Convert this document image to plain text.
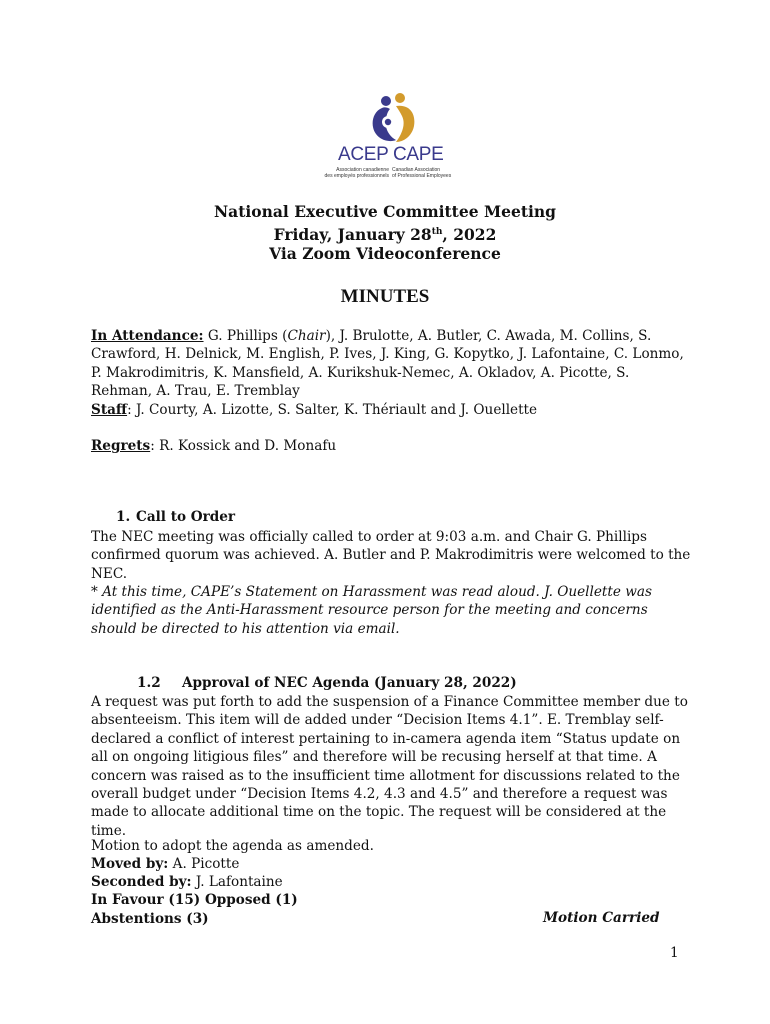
ACEP CAPE
Association canadienne
des employés professionnels
Canadian Association
of Professional Employees
National Executive Committee Meeting
Friday, January 28th, 2022
Via Zoom Videoconference
MINUTES
In Attendance: G. Phillips (Chair), J. Brulotte, A. Butler, C. Awada, M. Collins, S. Crawford, H. Delnick, M. English, P. Ives, J. King, G. Kopytko, J. Lafontaine, C. Lonmo, P. Makrodimitris, K. Mansfield, A. Kurikshuk-Nemec, A. Okladov, A. Picotte, S. Rehman, A. Trau, E. Tremblay
Staff: J. Courty, A. Lizotte, S. Salter, K. Thériault and J. Ouellette
Regrets: R. Kossick and D. Monafu
1. Call to Order
The NEC meeting was officially called to order at 9:03 a.m. and Chair G. Phillips confirmed quorum was achieved. A. Butler and P. Makrodimitris were welcomed to the NEC.
* At this time, CAPE’s Statement on Harassment was read aloud. J. Ouellette was identified as the Anti-Harassment resource person for the meeting and concerns should be directed to his attention via email.
1.2 Approval of NEC Agenda (January 28, 2022)
A request was put forth to add the suspension of a Finance Committee member due to absenteeism. This item will de added under “Decision Items 4.1”. E. Tremblay self-declared a conflict of interest pertaining to in-camera agenda item “Status update on all on ongoing litigious files” and therefore will be recusing herself at that time. A concern was raised as to the insufficient time allotment for discussions related to the overall budget under “Decision Items 4.2, 4.3 and 4.5” and therefore a request was made to allocate additional time on the topic. The request will be considered at the time.
Motion to adopt the agenda as amended.
Moved by: A. Picotte
Seconded by: J. Lafontaine
In Favour (15) Opposed (1)
Abstentions (3)	Motion Carried
1
